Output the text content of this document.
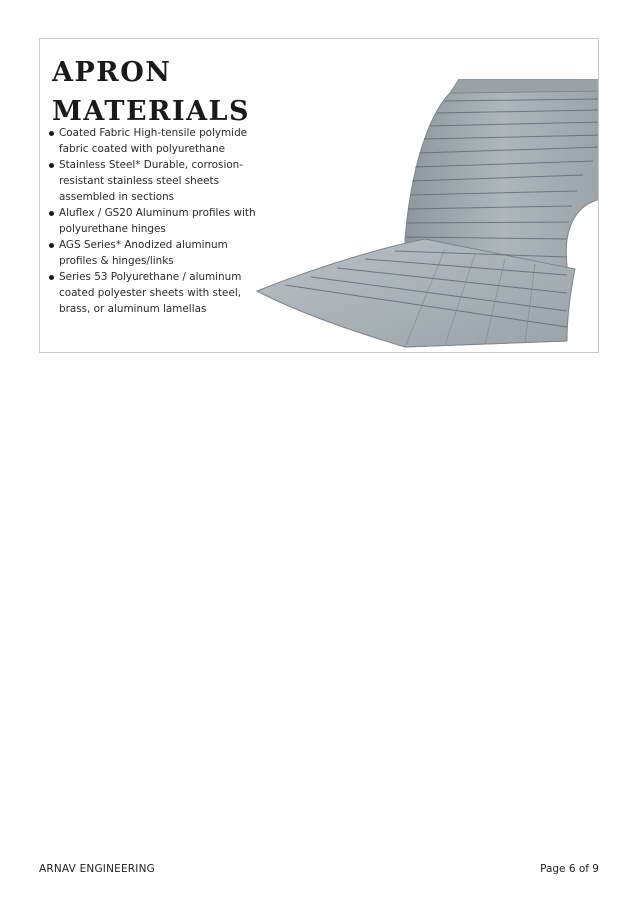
APRON
MATERIALS
Coated Fabric High-tensile polymide fabric coated with polyurethane
Stainless Steel* Durable, corrosion-resistant stainless steel sheets assembled in sections
Aluflex / GS20 Aluminum profiles with polyurethane hinges
AGS Series* Anodized aluminum profiles & hinges/links
Series 53 Polyurethane / aluminum coated polyester sheets with steel, brass, or aluminum lamellas
ARNAV ENGINEERING	Page 6 of 9
